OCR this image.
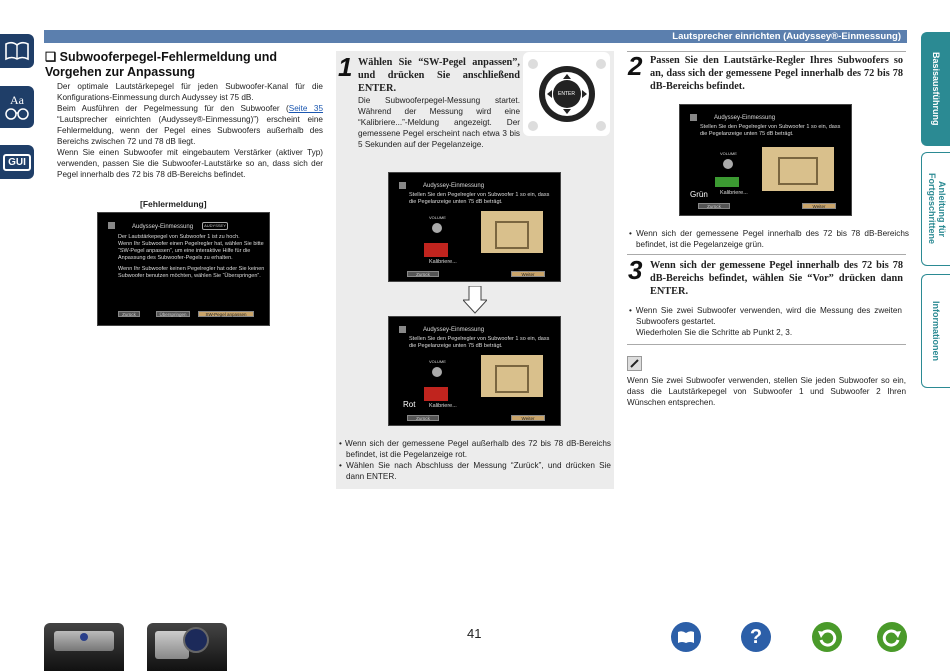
Lautsprecher einrichten (Audyssey®-Einmessung)
Aa
GUI
Basisausführung
Anleitung für Fortgeschrittene
Informationen
❏ Subwooferpegel-Fehlermeldung und Vorgehen zur Anpassung
Der optimale Lautstärkepegel für jeden Subwoofer-Kanal für die Konfigurations-Einmessung durch Audyssey ist 75 dB.
Beim Ausführen der Pegelmessung für den Subwoofer (Seite 35 “Lautsprecher einrichten (Audyssey®-Einmessung)”) erscheint eine Fehlermeldung, wenn der Pegel eines Subwoofers außerhalb des Bereichs zwischen 72 und 78 dB liegt.
Wenn Sie einen Subwoofer mit eingebautem Verstärker (aktiver Typ) verwenden, passen Sie die Subwoofer-Lautstärke so an, dass sich der Pegel innerhalb des 72 bis 78 dB-Bereichs befindet.
[Fehlermeldung]
Audyssey-Einmessung	AUDYSSEY
Der Lautstärkepegel von Subwoofer 1 ist zu hoch.
Wenn Ihr Subwoofer einen Pegelregler hat, wählen Sie bitte
“SW-Pegel anpassen”, um eine interaktive Hilfe für die
Anpassung des Subwoofer-Pegels zu erhalten.
Wenn Ihr Subwoofer keinen Pegelregler hat oder Sie keinen
Subwoofer benutzen möchten, wählen Sie “Überspringen”.
Zurück	Überspringen	SW-Pegel anpassen
1 Wählen Sie “SW-Pegel anpassen”, und drücken Sie anschließend ENTER.
Die Subwooferpegel-Messung startet. Während der Messung wird eine “Kalibriere...”-Meldung angezeigt. Der gemessene Pegel erscheint nach etwa 3 bis 5 Sekunden auf der Pegelanzeige.
ENTER
Audyssey-Einmessung
Stellen Sie den Pegelregler von Subwoofer 1 so ein, dass
die Pegelanzeige unten 75 dB beträgt.
VOLUME
Kalibriere...
Zurück	Weiter
Audyssey-Einmessung
Stellen Sie den Pegelregler von Subwoofer 1 so ein, dass
die Pegelanzeige unten 75 dB beträgt.
VOLUME
Kalibriere...
Zurück	Weiter
Rot
• Wenn sich der gemessene Pegel außerhalb des 72 bis 78 dB-Bereichs befindet, ist die Pegelanzeige rot.
• Wählen Sie nach Abschluss der Messung “Zurück”, und drücken Sie dann ENTER.
2 Passen Sie den Lautstärke-Regler Ihres Subwoofers so an, dass sich der gemessene Pegel innerhalb des 72 bis 78 dB-Bereichs befindet.
Audyssey-Einmessung
Stellen Sie den Pegelregler von Subwoofer 1 so ein, dass
die Pegelanzeige unten 75 dB beträgt.
VOLUME
Kalibriere...
Zurück	Weiter
Grün
• Wenn sich der gemessene Pegel innerhalb des 72 bis 78 dB-Bereichs befindet, ist die Pegelanzeige grün.
3 Wenn sich der gemessene Pegel innerhalb des 72 bis 78 dB-Bereichs befindet, wählen Sie “Vor” drücken dann ENTER.
• Wenn Sie zwei Subwoofer verwenden, wird die Messung des zweiten Subwoofers gestartet.
Wiederholen Sie die Schritte ab Punkt 2, 3.
Wenn Sie zwei Subwoofer verwenden, stellen Sie jeden Subwoofer so ein, dass die Lautstärkepegel von Subwoofer 1 und Subwoofer 2 Ihren Wünschen entsprechen.
41	?
